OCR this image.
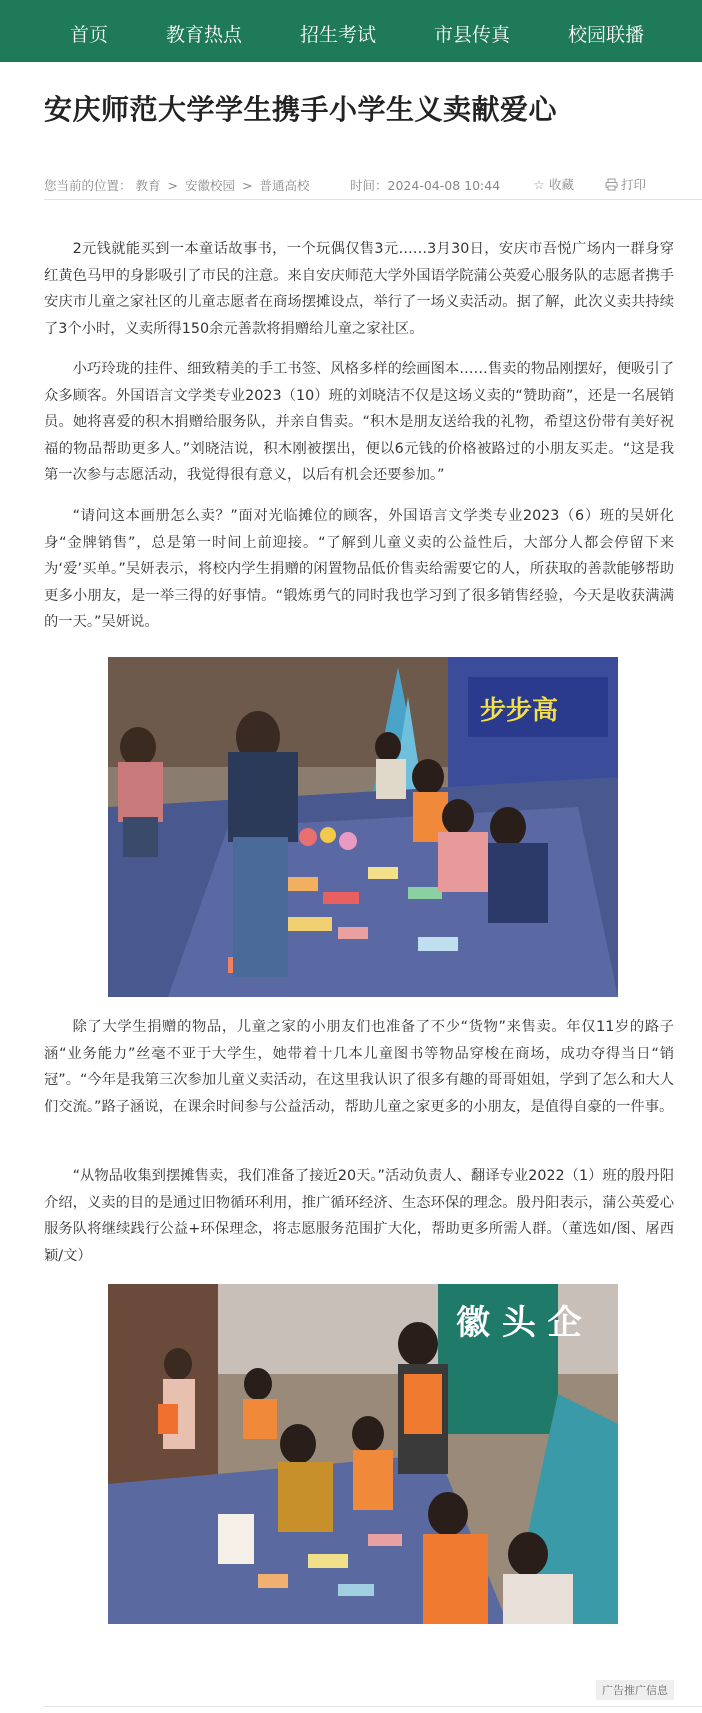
首页	教育热点	招生考试	市县传真	校园联播
安庆师范大学学生携手小学生义卖献爱心
您当前的位置： 教育 > 安徽校园 > 普通高校	时间：2024-04-08 10:44	☆ 收藏	打印

2元钱就能买到一本童话故事书，一个玩偶仅售3元……3月30日，安庆市吾悦广场内一群身穿红黄色马甲的身影吸引了市民的注意。来自安庆师范大学外国语学院蒲公英爱心服务队的志愿者携手安庆市儿童之家社区的儿童志愿者在商场摆摊设点，举行了一场义卖活动。据了解，此次义卖共持续了3个小时，义卖所得150余元善款将捐赠给儿童之家社区。

小巧玲珑的挂件、细致精美的手工书签、风格多样的绘画图本……售卖的物品刚摆好，便吸引了众多顾客。外国语言文学类专业2023（10）班的刘晓洁不仅是这场义卖的“赞助商”，还是一名展销员。她将喜爱的积木捐赠给服务队，并亲自售卖。“积木是朋友送给我的礼物，希望这份带有美好祝福的物品帮助更多人。”刘晓洁说，积木刚被摆出，便以6元钱的价格被路过的小朋友买走。“这是我第一次参与志愿活动，我觉得很有意义，以后有机会还要参加。”

“请问这本画册怎么卖？”面对光临摊位的顾客，外国语言文学类专业2023（6）班的吴妍化身“金牌销售”，总是第一时间上前迎接。“了解到儿童义卖的公益性后，大部分人都会停留下来为‘爱’买单。”吴妍表示，将校内学生捐赠的闲置物品低价售卖给需要它的人，所获取的善款能够帮助更多小朋友，是一举三得的好事情。“锻炼勇气的同时我也学习到了很多销售经验，今天是收获满满的一天。”吴妍说。

步步高

除了大学生捐赠的物品，儿童之家的小朋友们也准备了不少“货物”来售卖。年仅11岁的路子涵“业务能力”丝毫不亚于大学生，她带着十几本儿童图书等物品穿梭在商场，成功夺得当日“销冠”。“今年是我第三次参加儿童义卖活动，在这里我认识了很多有趣的哥哥姐姐，学到了怎么和大人们交流。”路子涵说，在课余时间参与公益活动，帮助儿童之家更多的小朋友，是值得自豪的一件事。

“从物品收集到摆摊售卖，我们准备了接近20天。”活动负责人、翻译专业2022（1）班的殷丹阳介绍，义卖的目的是通过旧物循环利用，推广循环经济、生态环保的理念。殷丹阳表示，蒲公英爱心服务队将继续践行公益+环保理念，将志愿服务范围扩大化，帮助更多所需人群。（董选如/图、屠西颖/文）

徽 头 企
广告推广信息
